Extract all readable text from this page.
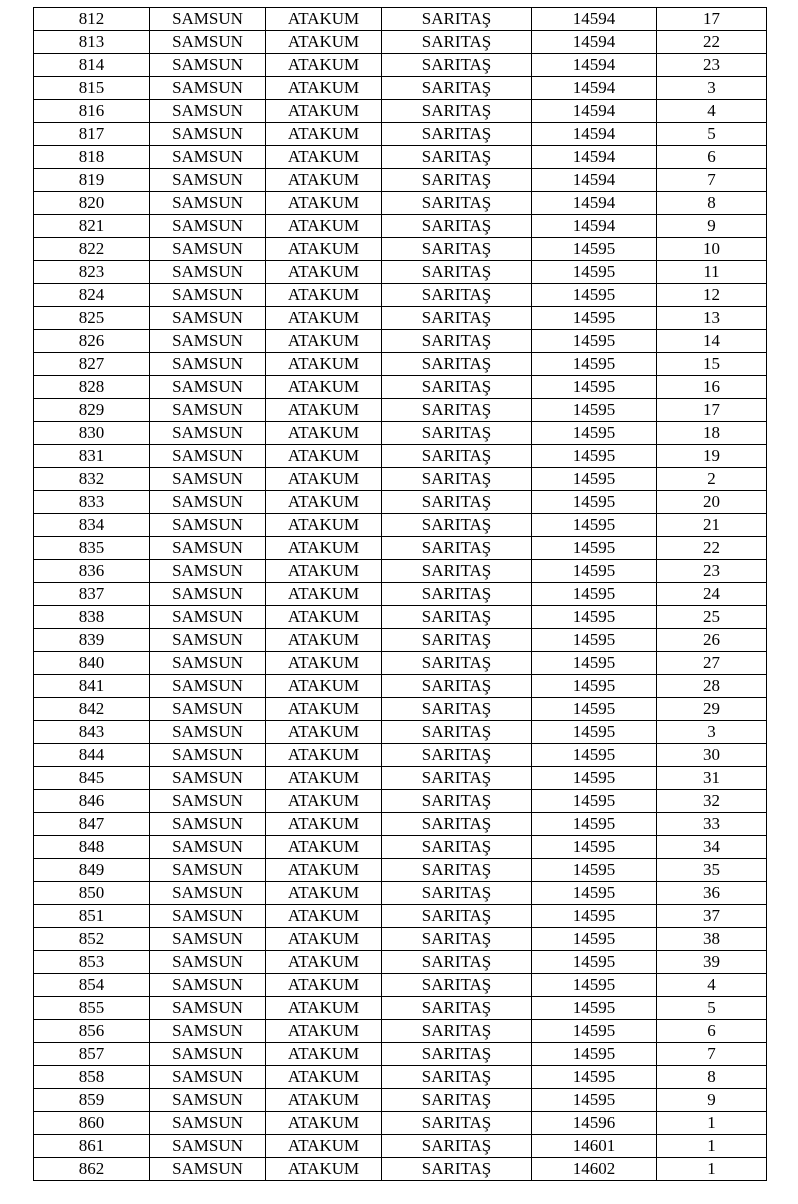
812	SAMSUN	ATAKUM	SARITAŞ	14594	17
813	SAMSUN	ATAKUM	SARITAŞ	14594	22
814	SAMSUN	ATAKUM	SARITAŞ	14594	23
815	SAMSUN	ATAKUM	SARITAŞ	14594	3
816	SAMSUN	ATAKUM	SARITAŞ	14594	4
817	SAMSUN	ATAKUM	SARITAŞ	14594	5
818	SAMSUN	ATAKUM	SARITAŞ	14594	6
819	SAMSUN	ATAKUM	SARITAŞ	14594	7
820	SAMSUN	ATAKUM	SARITAŞ	14594	8
821	SAMSUN	ATAKUM	SARITAŞ	14594	9
822	SAMSUN	ATAKUM	SARITAŞ	14595	10
823	SAMSUN	ATAKUM	SARITAŞ	14595	11
824	SAMSUN	ATAKUM	SARITAŞ	14595	12
825	SAMSUN	ATAKUM	SARITAŞ	14595	13
826	SAMSUN	ATAKUM	SARITAŞ	14595	14
827	SAMSUN	ATAKUM	SARITAŞ	14595	15
828	SAMSUN	ATAKUM	SARITAŞ	14595	16
829	SAMSUN	ATAKUM	SARITAŞ	14595	17
830	SAMSUN	ATAKUM	SARITAŞ	14595	18
831	SAMSUN	ATAKUM	SARITAŞ	14595	19
832	SAMSUN	ATAKUM	SARITAŞ	14595	2
833	SAMSUN	ATAKUM	SARITAŞ	14595	20
834	SAMSUN	ATAKUM	SARITAŞ	14595	21
835	SAMSUN	ATAKUM	SARITAŞ	14595	22
836	SAMSUN	ATAKUM	SARITAŞ	14595	23
837	SAMSUN	ATAKUM	SARITAŞ	14595	24
838	SAMSUN	ATAKUM	SARITAŞ	14595	25
839	SAMSUN	ATAKUM	SARITAŞ	14595	26
840	SAMSUN	ATAKUM	SARITAŞ	14595	27
841	SAMSUN	ATAKUM	SARITAŞ	14595	28
842	SAMSUN	ATAKUM	SARITAŞ	14595	29
843	SAMSUN	ATAKUM	SARITAŞ	14595	3
844	SAMSUN	ATAKUM	SARITAŞ	14595	30
845	SAMSUN	ATAKUM	SARITAŞ	14595	31
846	SAMSUN	ATAKUM	SARITAŞ	14595	32
847	SAMSUN	ATAKUM	SARITAŞ	14595	33
848	SAMSUN	ATAKUM	SARITAŞ	14595	34
849	SAMSUN	ATAKUM	SARITAŞ	14595	35
850	SAMSUN	ATAKUM	SARITAŞ	14595	36
851	SAMSUN	ATAKUM	SARITAŞ	14595	37
852	SAMSUN	ATAKUM	SARITAŞ	14595	38
853	SAMSUN	ATAKUM	SARITAŞ	14595	39
854	SAMSUN	ATAKUM	SARITAŞ	14595	4
855	SAMSUN	ATAKUM	SARITAŞ	14595	5
856	SAMSUN	ATAKUM	SARITAŞ	14595	6
857	SAMSUN	ATAKUM	SARITAŞ	14595	7
858	SAMSUN	ATAKUM	SARITAŞ	14595	8
859	SAMSUN	ATAKUM	SARITAŞ	14595	9
860	SAMSUN	ATAKUM	SARITAŞ	14596	1
861	SAMSUN	ATAKUM	SARITAŞ	14601	1
862	SAMSUN	ATAKUM	SARITAŞ	14602	1
